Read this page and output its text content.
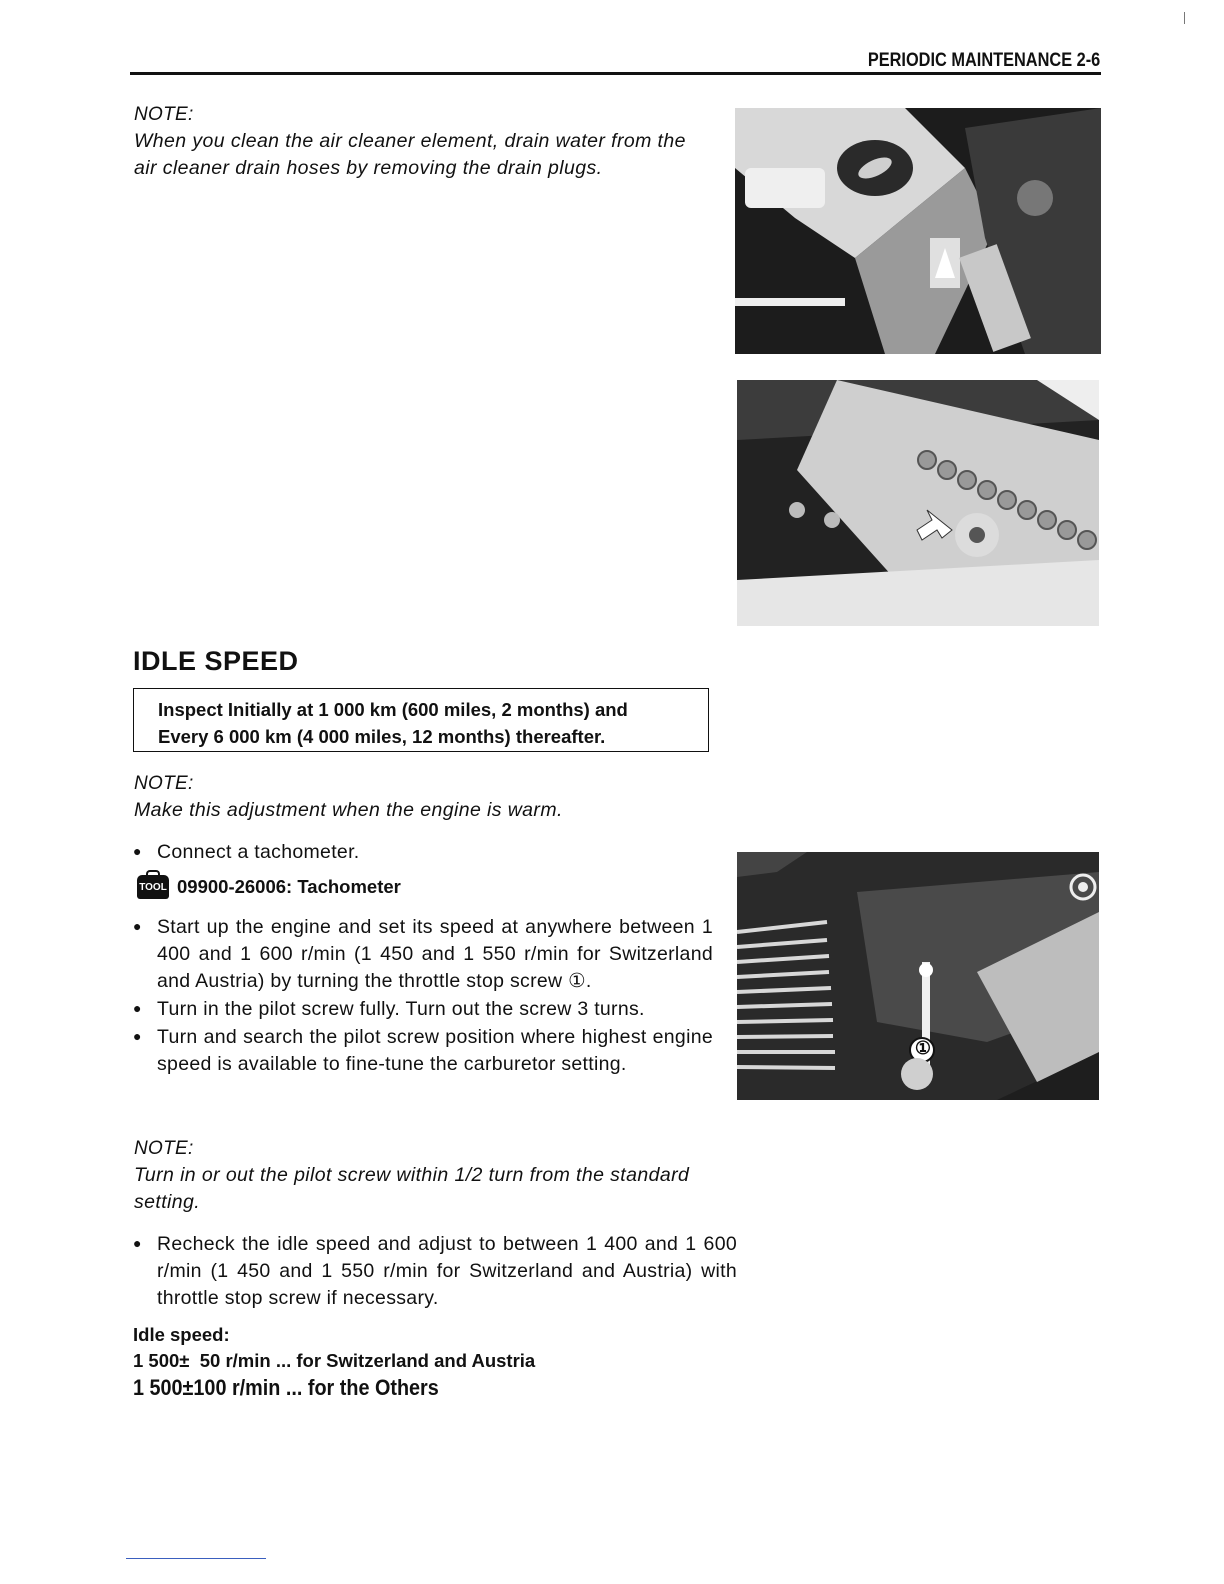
PERIODIC MAINTENANCE 2-6
NOTE:
When you clean the air cleaner element, drain water from the air cleaner drain hoses by removing the drain plugs.
IDLE SPEED
Inspect Initially at 1 000 km (600 miles, 2 months) and
Every 6 000 km (4 000 miles, 12 months) thereafter.
NOTE:
Make this adjustment when the engine is warm.
● Connect a tachometer.
TOOL 09900-26006: Tachometer
● Start up the engine and set its speed at anywhere between 1 400 and 1 600 r/min (1 450 and 1 550 r/min for Switzerland and Austria) by turning the throttle stop screw ①.
● Turn in the pilot screw fully. Turn out the screw 3 turns.
● Turn and search the pilot screw position where highest engine speed is available to fine-tune the carburetor setting.
①
NOTE:
Turn in or out the pilot screw within 1/2 turn from the standard setting.
● Recheck the idle speed and adjust to between 1 400 and 1 600 r/min (1 450 and 1 550 r/min for Switzerland and Austria) with throttle stop screw if necessary.
Idle speed:
1 500±  50 r/min ... for Switzerland and Austria
1 500±100 r/min ... for the Others
